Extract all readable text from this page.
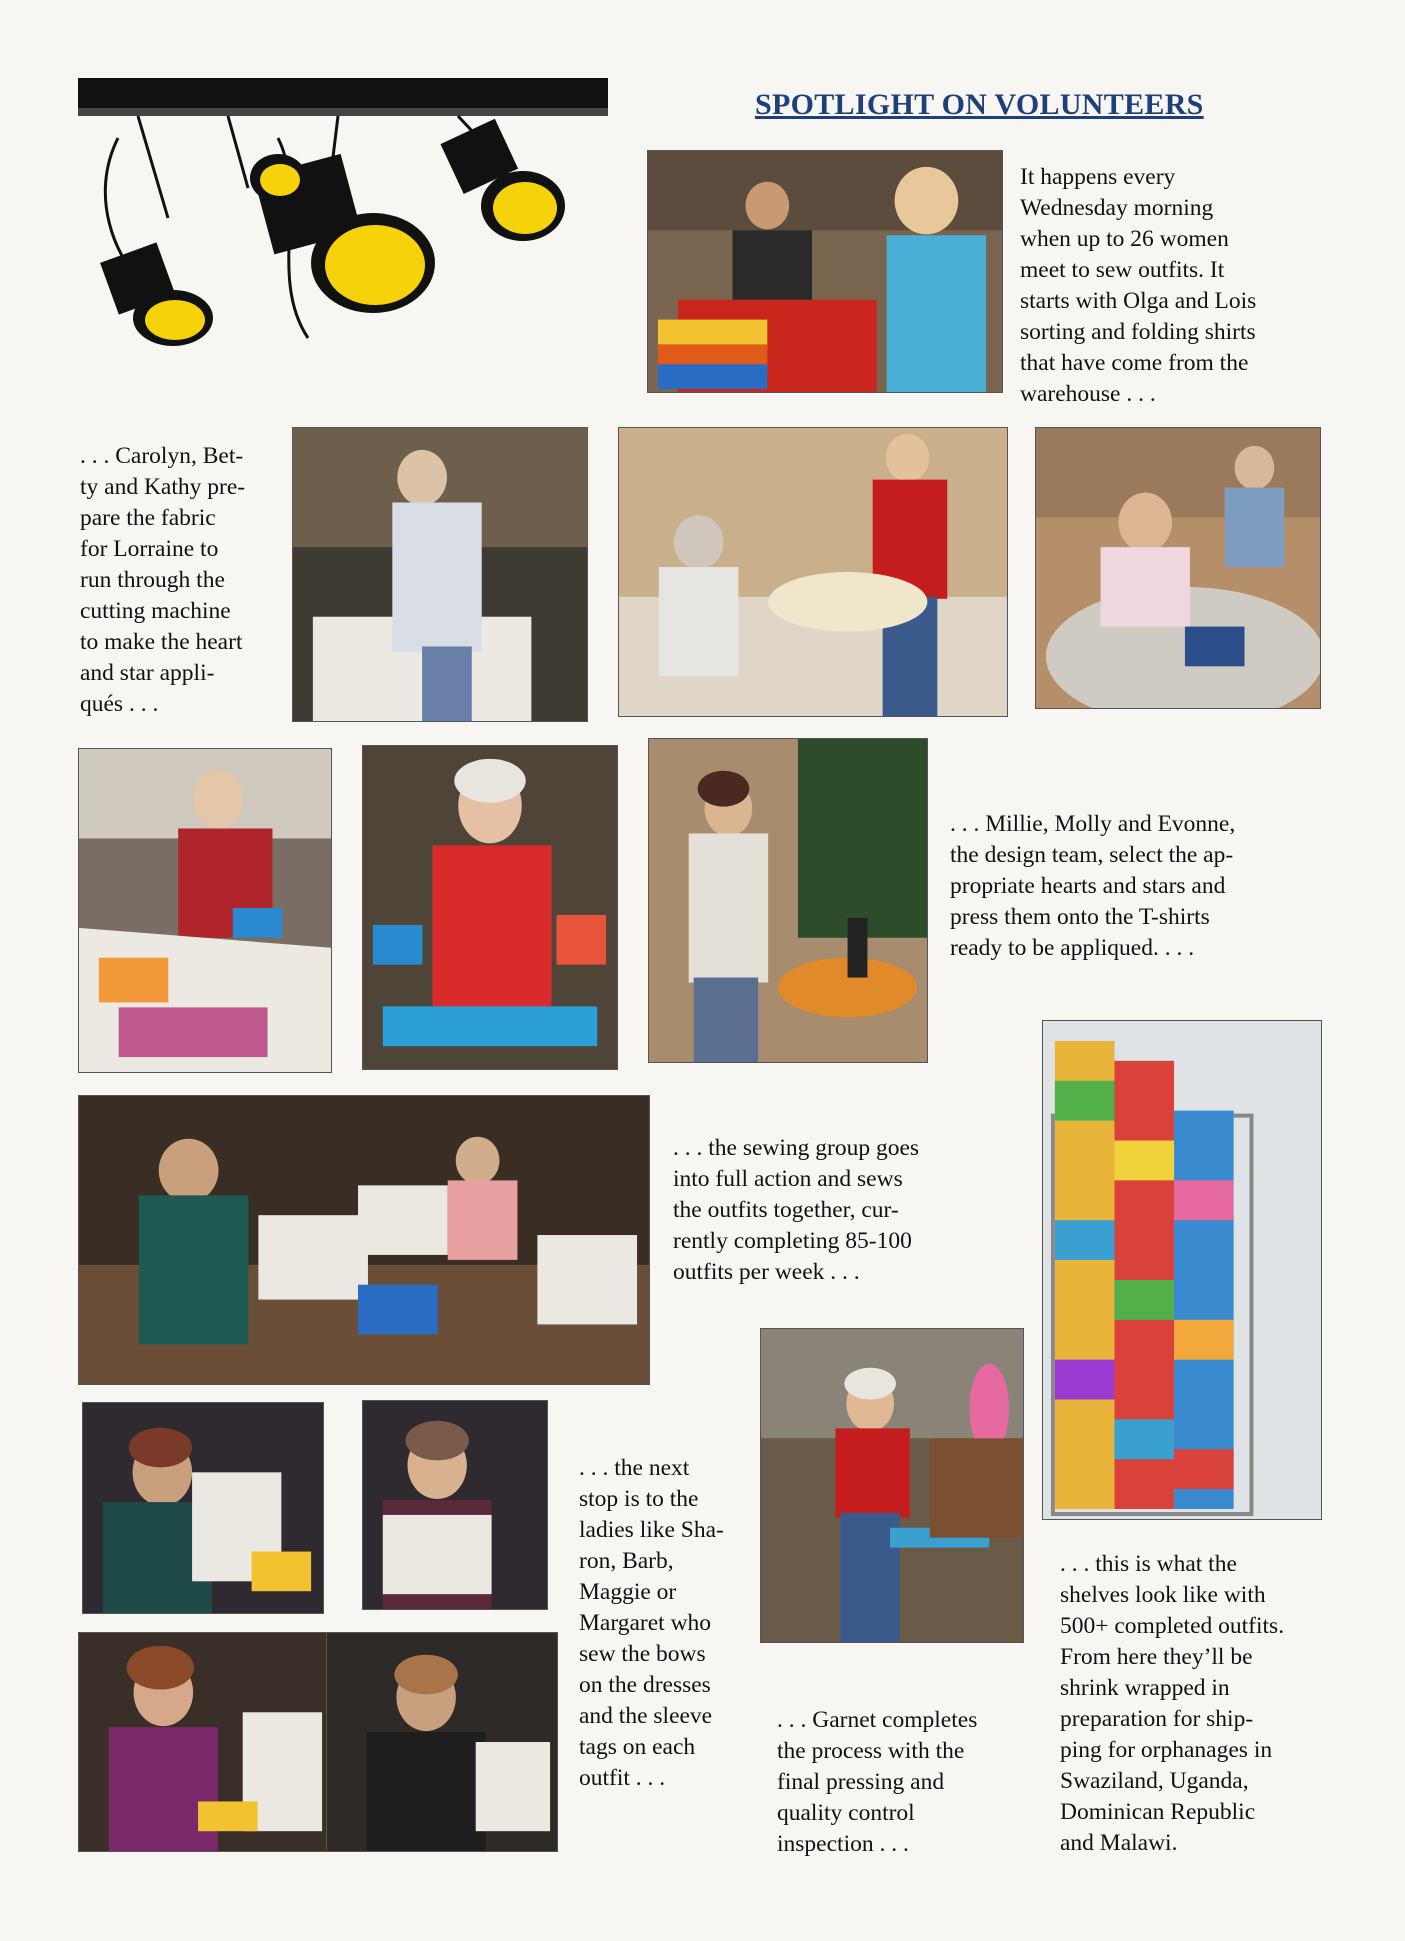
SPOTLIGHT ON VOLUNTEERS
It happens every
Wednesday morning
when up to 26 women
meet to sew outfits. It
starts with Olga and Lois
sorting and folding shirts
that have come from the
warehouse . . .
. . . Carolyn, Bet-
ty and Kathy pre-
pare the fabric
for Lorraine to
run through the
cutting machine
to make the heart
and star appli-
qués . . .
. . . Millie, Molly and Evonne,
the design team, select the ap-
propriate hearts and stars and
press them onto the T-shirts
ready to be appliqued. . . .
. . . the sewing group goes
into full action and sews
the outfits together, cur-
rently completing 85-100
outfits per week . . .
. . . the next
stop is to the
ladies like Sha-
ron, Barb,
Maggie or
Margaret who
sew the bows
on the dresses
and the sleeve
tags on each
outfit . . .
. . . Garnet completes
the process with the
final pressing and
quality control
inspection . . .
. . . this is what the
shelves look like with
500+ completed outfits.
From here they’ll be
shrink wrapped in
preparation for ship-
ping for orphanages in
Swaziland, Uganda,
Dominican Republic
and Malawi.
